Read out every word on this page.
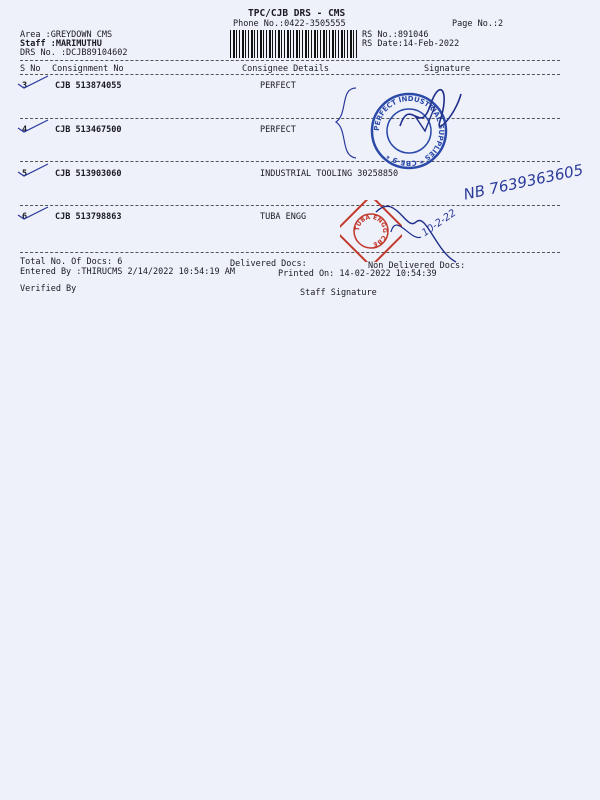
TPC/CJB DRS - CMS
Phone No.:0422-3505555	Page No.:2
Area :GREYDOWN CMS
Staff :MARIMUTHU
DRS No. :DCJB89104602
RS No.:891046
RS Date:14-Feb-2022
S No Consignment No	Consignee Details	Signature
3	CJB 513874055	PERFECT
4	CJB 513467500	PERFECT
5	CJB 513903060	INDUSTRIAL TOOLING 30258850
6	CJB 513798863	TUBA ENGG
PERFECT INDUSTRIAL SUPPLIES * CBE-9 *
NB 7639363605
TUBA ENGG CBE
10-2-22
Total No. Of Docs: 6	Delivered Docs:	Non Delivered Docs:
Entered By :THIRUCMS 2/14/2022 10:54:19 AM	Printed On: 14-02-2022 10:54:39
Verified By	Staff Signature
